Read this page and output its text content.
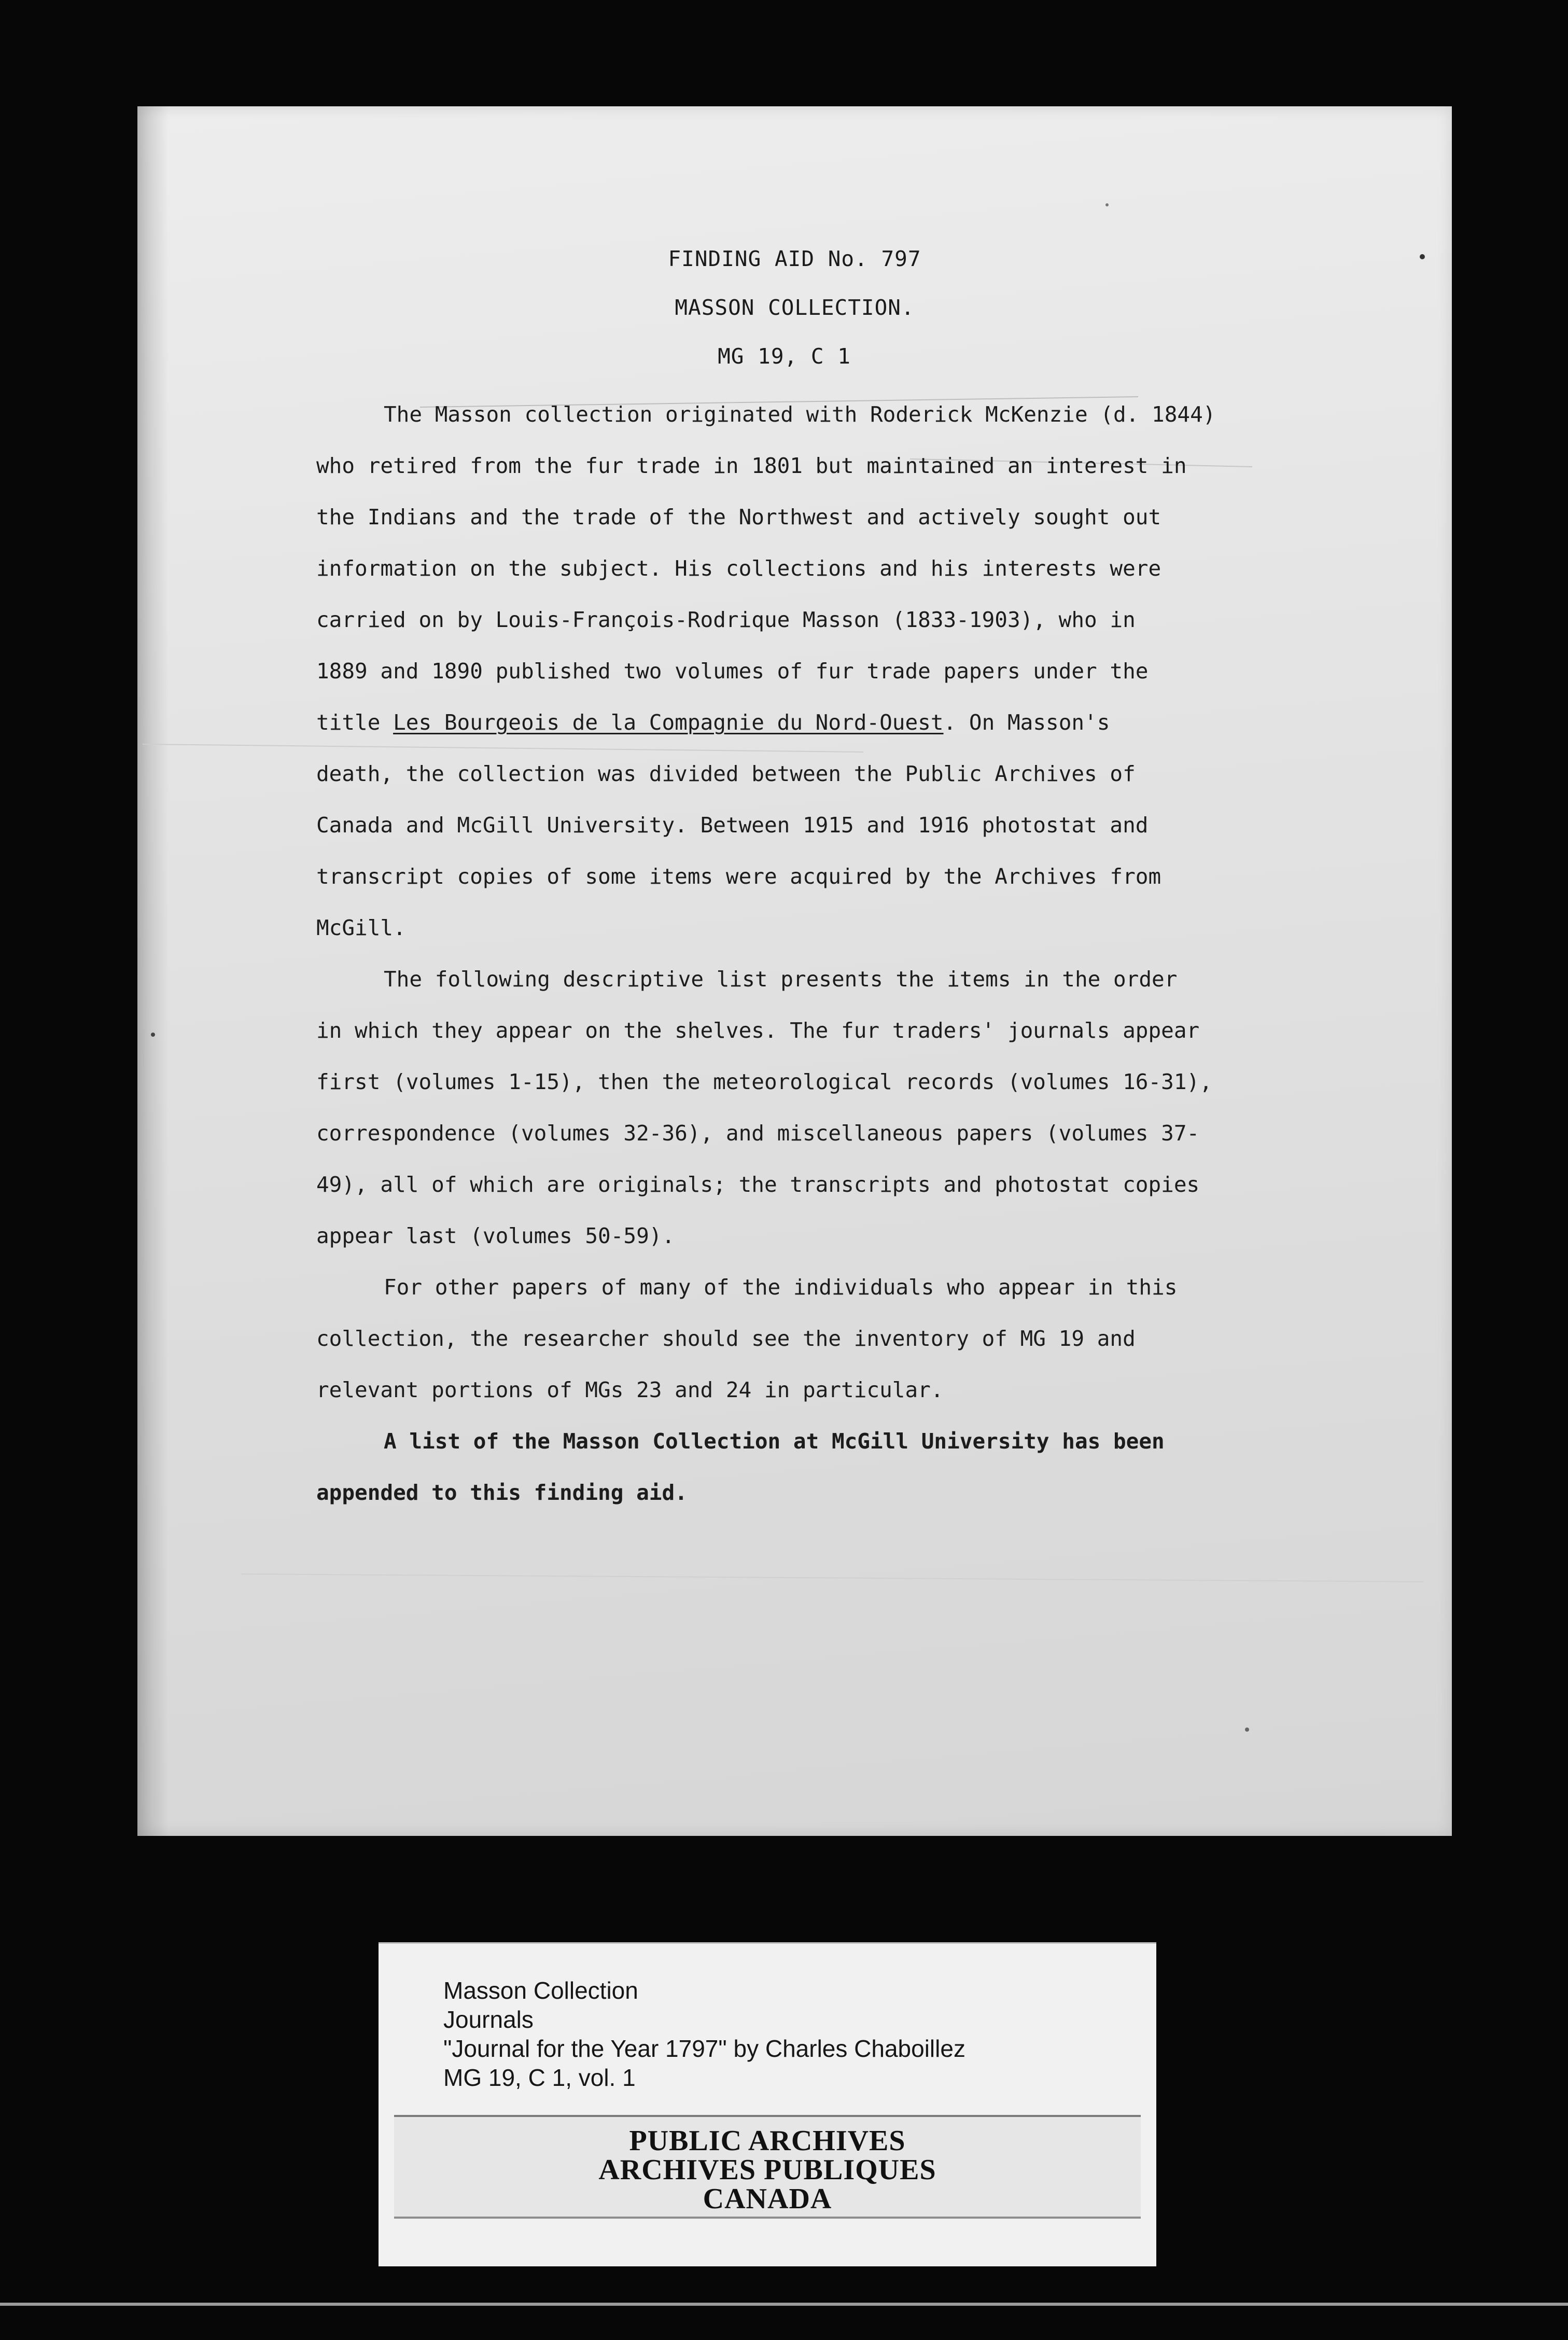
FINDING AID No. 797
MASSON COLLECTION.
MG 19, C 1
The Masson collection originated with Roderick McKenzie (d. 1844)
who retired from the fur trade in 1801 but maintained an interest in
the Indians and the trade of the Northwest and actively sought out
information on the subject. His collections and his interests were
carried on by Louis-François-Rodrique Masson (1833-1903), who in
1889 and 1890 published two volumes of fur trade papers under the
title Les Bourgeois de la Compagnie du Nord-Ouest. On Masson's
death, the collection was divided between the Public Archives of
Canada and McGill University. Between 1915 and 1916 photostat and
transcript copies of some items were acquired by the Archives from
McGill.
The following descriptive list presents the items in the order
in which they appear on the shelves. The fur traders' journals appear
first (volumes 1-15), then the meteorological records (volumes 16-31),
correspondence (volumes 32-36), and miscellaneous papers (volumes 37-
49), all of which are originals; the transcripts and photostat copies
appear last (volumes 50-59).
For other papers of many of the individuals who appear in this
collection, the researcher should see the inventory of MG 19 and
relevant portions of MGs 23 and 24 in particular.
A list of the Masson Collection at McGill University has been
appended to this finding aid.
Masson Collection
Journals
"Journal for the Year 1797" by Charles Chaboillez
MG 19, C 1, vol. 1
PUBLIC ARCHIVES
ARCHIVES PUBLIQUES
CANADA
